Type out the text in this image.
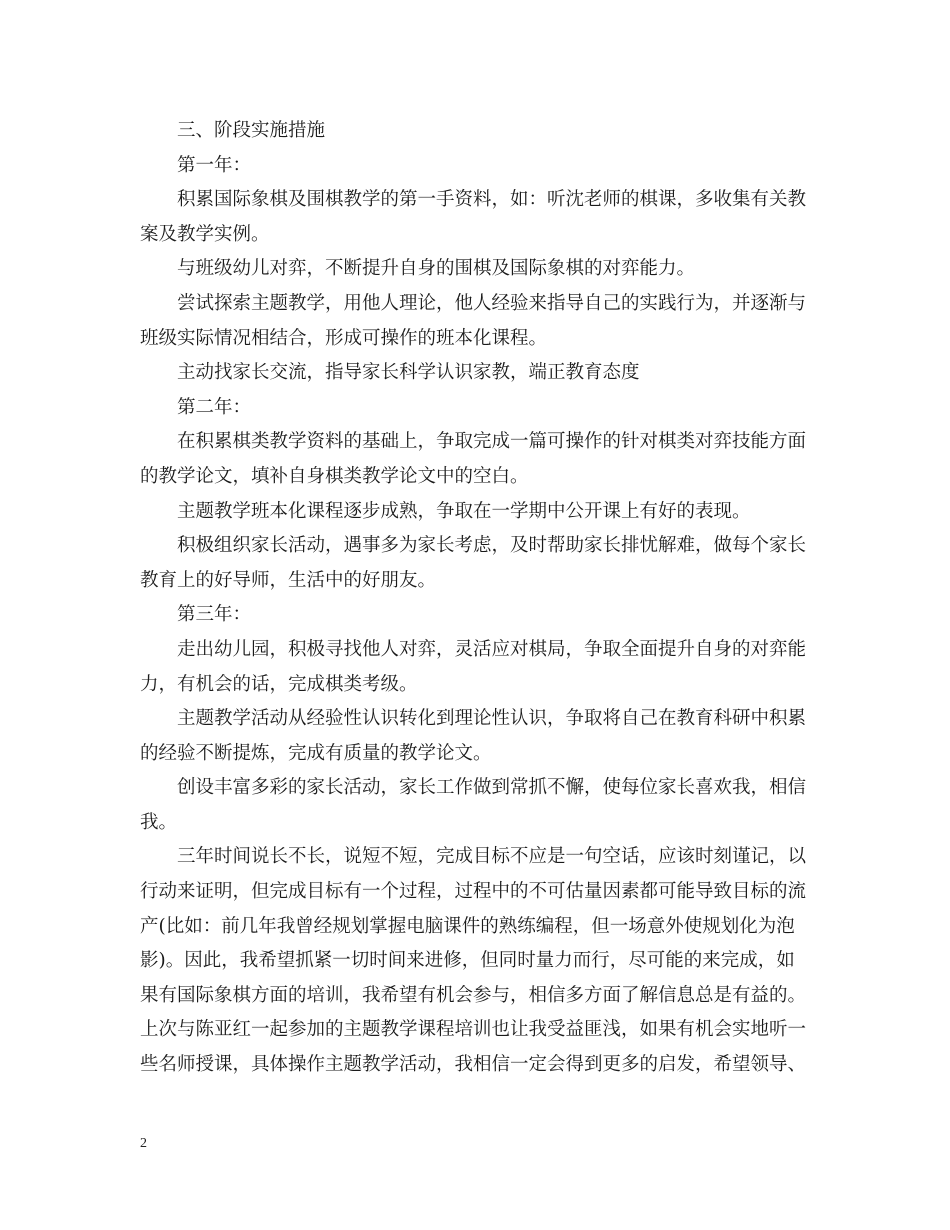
三、阶段实施措施
第一年：
积累国际象棋及围棋教学的第一手资料，如：听沈老师的棋课，多收集有关教
案及教学实例。
与班级幼儿对弈，不断提升自身的围棋及国际象棋的对弈能力。
尝试探索主题教学，用他人理论，他人经验来指导自己的实践行为，并逐渐与
班级实际情况相结合，形成可操作的班本化课程。
主动找家长交流，指导家长科学认识家教，端正教育态度
第二年：
在积累棋类教学资料的基础上，争取完成一篇可操作的针对棋类对弈技能方面
的教学论文，填补自身棋类教学论文中的空白。
主题教学班本化课程逐步成熟，争取在一学期中公开课上有好的表现。
积极组织家长活动，遇事多为家长考虑，及时帮助家长排忧解难，做每个家长
教育上的好导师，生活中的好朋友。
第三年：
走出幼儿园，积极寻找他人对弈，灵活应对棋局，争取全面提升自身的对弈能
力，有机会的话，完成棋类考级。
主题教学活动从经验性认识转化到理论性认识，争取将自己在教育科研中积累
的经验不断提炼，完成有质量的教学论文。
创设丰富多彩的家长活动，家长工作做到常抓不懈，使每位家长喜欢我，相信
我。
三年时间说长不长，说短不短，完成目标不应是一句空话，应该时刻谨记，以
行动来证明，但完成目标有一个过程，过程中的不可估量因素都可能导致目标的流
产(比如：前几年我曾经规划掌握电脑课件的熟练编程，但一场意外使规划化为泡
影)。因此，我希望抓紧一切时间来进修，但同时量力而行，尽可能的来完成，如
果有国际象棋方面的培训，我希望有机会参与，相信多方面了解信息总是有益的。
上次与陈亚红一起参加的主题教学课程培训也让我受益匪浅，如果有机会实地听一
些名师授课，具体操作主题教学活动，我相信一定会得到更多的启发，希望领导、
2
